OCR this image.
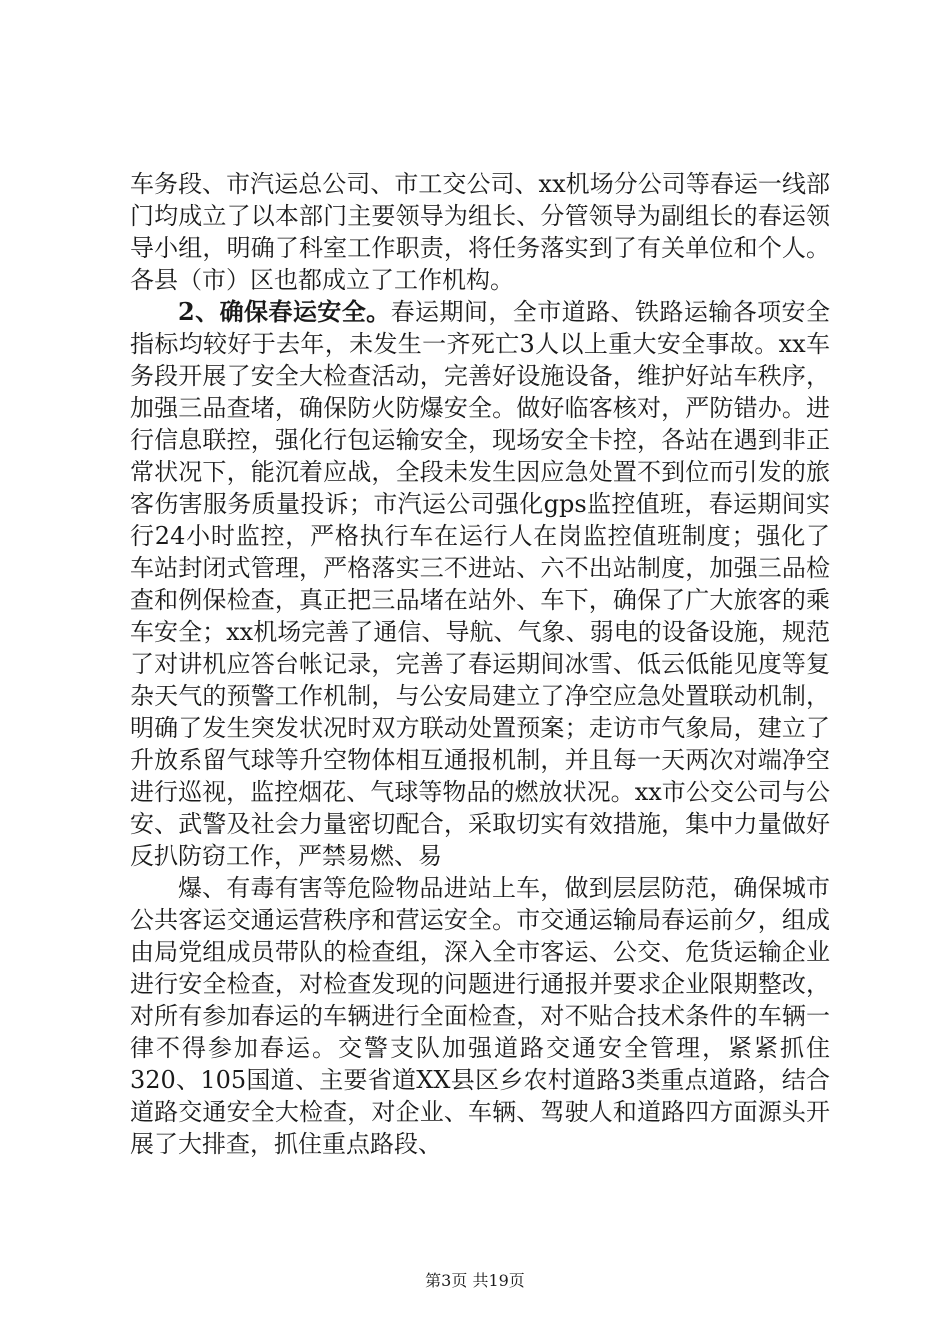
车务段、市汽运总公司、市工交公司、xx机场分公司等春运一线部门均成立了以本部门主要领导为组长、分管领导为副组长的春运领导小组，明确了科室工作职责，将任务落实到了有关单位和个人。各县（市）区也都成立了工作机构。

2、确保春运安全。春运期间，全市道路、铁路运输各项安全指标均较好于去年，未发生一齐死亡3人以上重大安全事故。xx车务段开展了安全大检查活动，完善好设施设备，维护好站车秩序，加强三品查堵，确保防火防爆安全。做好临客核对，严防错办。进行信息联控，强化行包运输安全，现场安全卡控，各站在遇到非正常状况下，能沉着应战，全段未发生因应急处置不到位而引发的旅客伤害服务质量投诉；市汽运公司强化gps监控值班，春运期间实行24小时监控，严格执行车在运行人在岗监控值班制度；强化了车站封闭式管理，严格落实三不进站、六不出站制度，加强三品检查和例保检查，真正把三品堵在站外、车下，确保了广大旅客的乘车安全；xx机场完善了通信、导航、气象、弱电的设备设施，规范了对讲机应答台帐记录，完善了春运期间冰雪、低云低能见度等复杂天气的预警工作机制，与公安局建立了净空应急处置联动机制，明确了发生突发状况时双方联动处置预案；走访市气象局，建立了升放系留气球等升空物体相互通报机制，并且每一天两次对端净空进行巡视，监控烟花、气球等物品的燃放状况。xx市公交公司与公安、武警及社会力量密切配合，采取切实有效措施，集中力量做好反扒防窃工作，严禁易燃、易

爆、有毒有害等危险物品进站上车，做到层层防范，确保城市公共客运交通运营秩序和营运安全。市交通运输局春运前夕，组成由局党组成员带队的检查组，深入全市客运、公交、危货运输企业进行安全检查，对检查发现的问题进行通报并要求企业限期整改，对所有参加春运的车辆进行全面检查，对不贴合技术条件的车辆一律不得参加春运。交警支队加强道路交通安全管理，紧紧抓住320、105国道、主要省道XX县区乡农村道路3类重点道路，结合道路交通安全大检查，对企业、车辆、驾驶人和道路四方面源头开展了大排查，抓住重点路段、

第3页 共19页
